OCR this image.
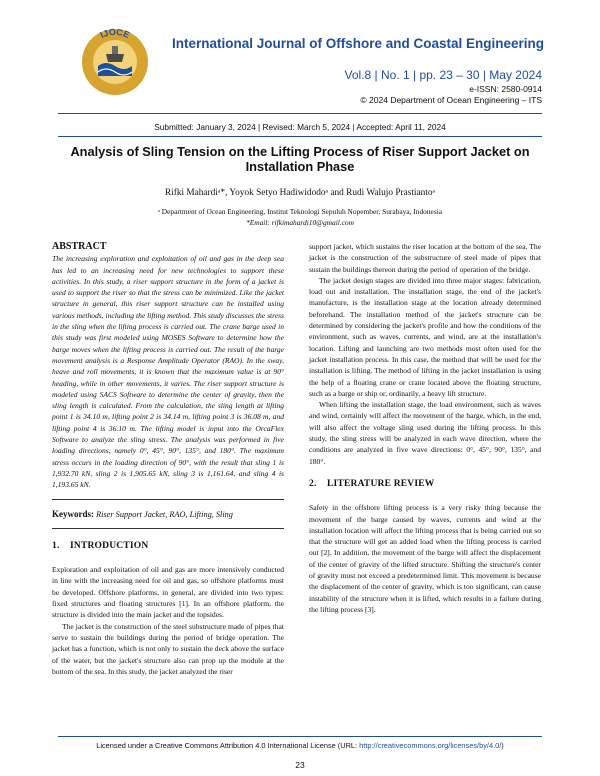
IJOCE
International Journal of Offshore and Coastal Engineering
Vol.8 | No. 1 | pp. 23 – 30 | May 2024
e-ISSN: 2580-0914
© 2024 Department of Ocean Engineering – ITS
Submitted: January 3, 2024 | Revised: March 5, 2024 | Accepted: April 11, 2024
Analysis of Sling Tension on the Lifting Process of Riser Support Jacket on Installation Phase
Rifki Mahardiᵃ*, Yoyok Setyo Hadiwidodoᵃ and Rudi Walujo Prastiantoᵃ
ᵃ Department of Ocean Engineering, Institut Teknologi Sepuluh Nopember, Surabaya, Indonesia
*Email: rifkimahardi10@gmail.com
ABSTRACT

The increasing exploration and exploitation of oil and gas in the deep sea has led to an increasing need for new technologies to support these activities. In this study, a riser support structure in the form of a jacket is used to support the riser so that the stress can be minimized. Like the jacket structure in general, this riser support structure can be installed using various methods, including the lifting method. This study discusses the stress in the sling when the lifting process is carried out. The crane barge used in this study was first modeled using MOSES Software to determine how the barge moves when the lifting process is carried out. The result of the barge movement analysis is a Response Amplitude Operator (RAO). In the sway, heave and roll movements, it is known that the maximum value is at 90° heading, while in other movements, it varies. The riser support structure is modeled using SACS Software to determine the center of gravity, then the sling length is calculated. From the calculation, the sling length at lifting point 1 is 34.10 m, lifting point 2 is 34.14 m, lifting point 3 is 36.08 m, and lifting point 4 is 36.10 m. The lifting model is input into the OrcaFlex Software to analyze the sling stress. The analysis was performed in five loading directions, namely 0°, 45°, 90°, 135°, and 180°. The maximum stress occurs in the loading direction of 90°, with the result that sling 1 is 1,932.70 kN, sling 2 is 1,905.65 kN, sling 3 is 1,161.64, and sling 4 is 1,193.65 kN.

Keywords: Riser Support Jacket, RAO, Lifting, Sling

1. INTRODUCTION

Exploration and exploitation of oil and gas are more intensively conducted in line with the increasing need for oil and gas, so offshore platforms must be developed. Offshore platforms, in general, are divided into two types: fixed structures and floating structures [1]. In an offshore platform, the structure is divided into the main jacket and the topsides.

The jacket is the construction of the steel substructure made of pipes that serve to sustain the buildings during the period of bridge operation. The jacket has a function, which is not only to sustain the deck above the surface of the water, but the jacket's structure also can prop up the module at the bottom of the sea. In this study, the jacket analyzed the riser

support jacket, which sustains the riser location at the bottom of the sea. The jacket is the construction of the substructure of steel made of pipes that sustain the buildings thereon during the period of operation of the bridge.

The jacket design stages are divided into three major stages: fabrication, load out and installation. The installation stage, the end of the jacket's manufacture, is the installation stage at the location already determined beforehand. The installation method of the jacket's structure can be determined by considering the jacket's profile and how the conditions of the environment, such as waves, currents, and wind, are at the installation's location. Lifting and launching are two methods most often used for the jacket installation process. In this case, the method that will be used for the installation is lifting. The method of lifting in the jacket installation is using the help of a floating crane or crane located above the floating structure, such as a barge or ship or, ordinarily, a heavy lift structure.

When lifting the installation stage, the load environment, such as waves and wind, certainly will affect the movement of the barge, which, in the end, will also affect the voltage sling used during the lifting process. In this study, the sling stress will be analyzed in each wave direction, where the conditions are analyzed in five wave directions: 0°, 45°, 90°, 135°, and 180°.

2. LITERATURE REVIEW

Safety in the offshore lifting process is a very risky thing because the movement of the barge caused by waves, currents and wind at the installation location will affect the lifting process that is being carried out so that the structure will get an added load when the lifting process is carried out [2]. In addition, the movement of the barge will affect the displacement of the center of gravity of the lifted structure. Shifting the structure's center of gravity must not exceed a predetermined limit. This movement is because the displacement of the center of gravity, which is too significant, can cause instability of the structure when it is lifted, which results in a failure during the lifting process [3].

Licensed under a Creative Commons Attribution 4.0 International License (URL: http://creativecommons.org/licenses/by/4.0/)
23
